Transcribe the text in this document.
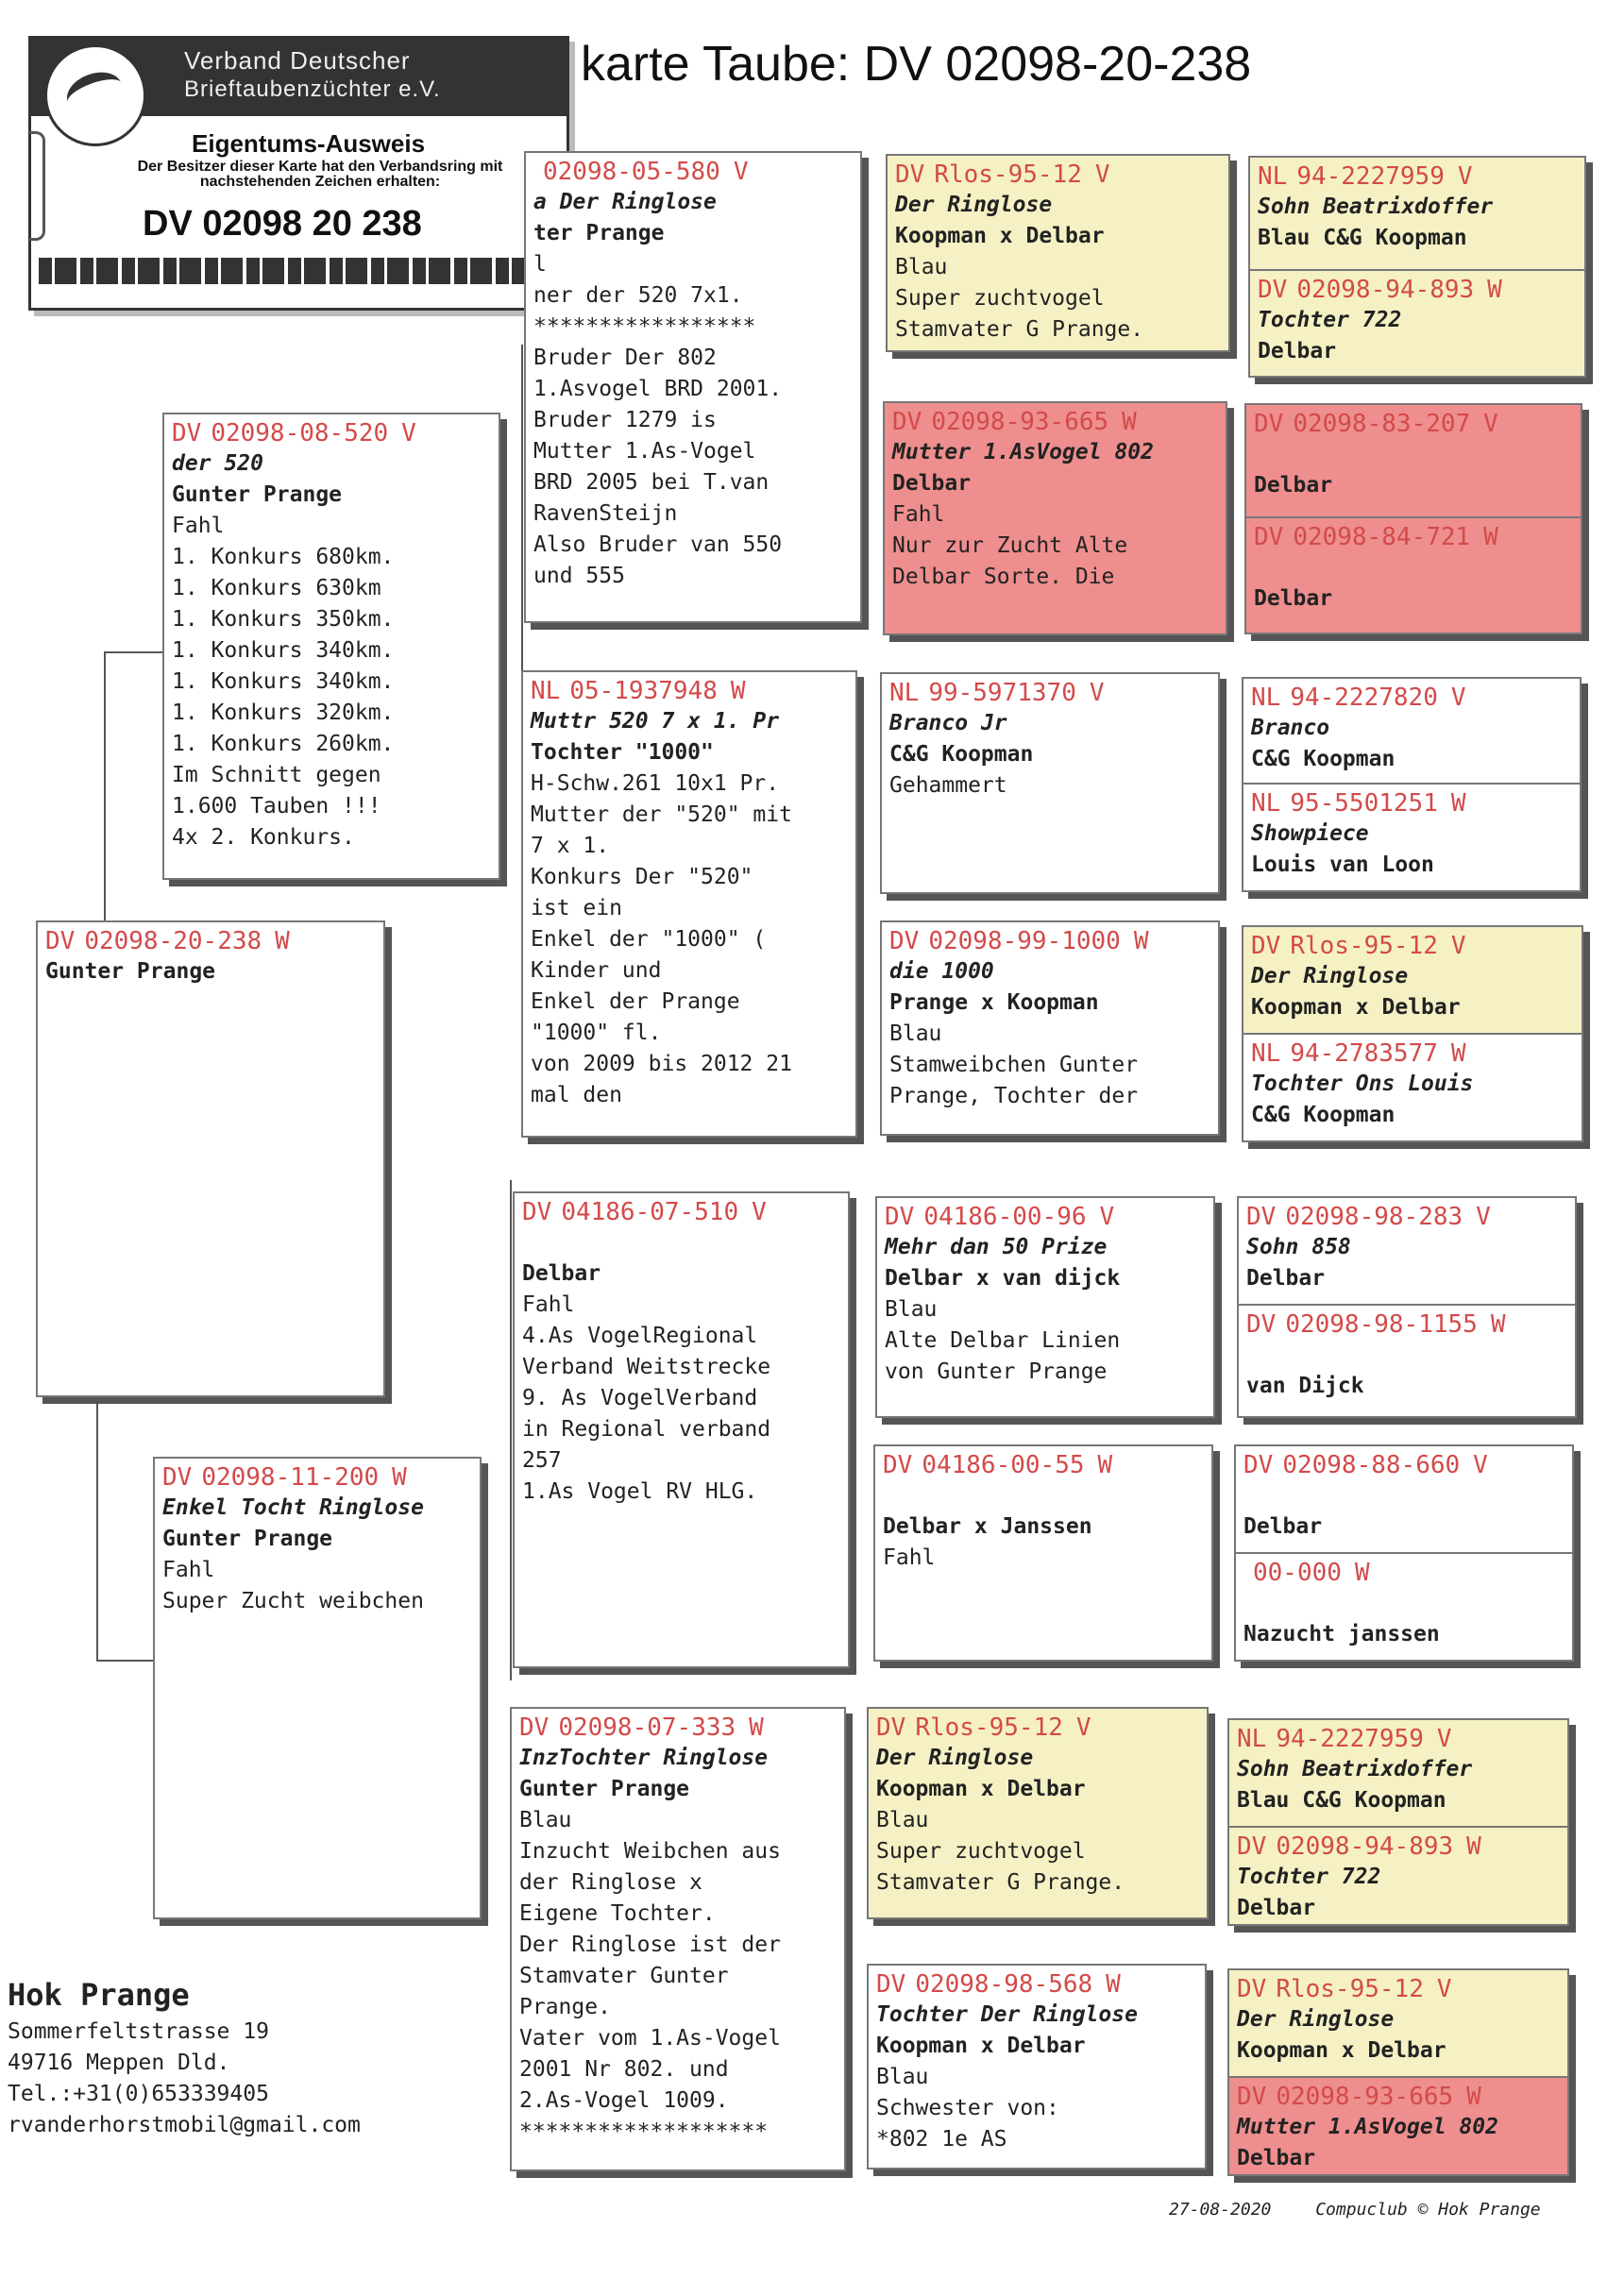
karte Taube: DV 02098-20-238
Verband Deutscher
Brieftaubenzüchter e.V.
Eigentums-Ausweis
Der Besitzer dieser Karte hat den Verbandsring mit nachstehenden Zeichen erhalten:
DV 02098 20 238
DV 02098-20-238 W
Gunter Prange
DV 02098-08-520 V
der 520
Gunter Prange
Fahl
1. Konkurs 680km.
1. Konkurs 630km
1. Konkurs 350km.
1. Konkurs 340km.
1. Konkurs 340km.
1. Konkurs 320km.
1. Konkurs 260km.
Im Schnitt gegen
1.600 Tauben !!!
4x 2. Konkurs.
DV 02098-11-200 W
Enkel Tocht Ringlose
Gunter Prange
Fahl
Super Zucht weibchen
02098-05-580 V
a Der Ringlose
ter Prange
l
ner der 520 7x1.
*****************
Bruder Der 802
1.Asvogel BRD 2001.
Bruder 1279 is
Mutter 1.As-Vogel
BRD 2005 bei T.van
RavenSteijn
Also Bruder van 550
und 555
NL 05-1937948 W
Muttr 520 7 x 1. Pr
Tochter "1000"
H-Schw.261 10x1 Pr.
Mutter der "520" mit
7 x 1.
Konkurs Der "520"
ist ein
Enkel der "1000" (
Kinder und
Enkel der Prange
"1000" fl.
von 2009 bis 2012 21
mal den
DV 04186-07-510 V

Delbar
Fahl
4.As VogelRegional
Verband Weitstrecke
9. As VogelVerband
in Regional verband
257
1.As Vogel RV HLG.
DV 02098-07-333 W
InzTochter Ringlose
Gunter Prange
Blau
Inzucht Weibchen aus
der Ringlose x
Eigene Tochter.
Der Ringlose ist der
Stamvater Gunter
Prange.
Vater vom 1.As-Vogel
2001 Nr 802. und
2.As-Vogel 1009.
*******************
DV Rlos-95-12 V
Der Ringlose
Koopman x Delbar
Blau
Super zuchtvogel
Stamvater G Prange.
DV 02098-93-665 W
Mutter 1.AsVogel 802
Delbar
Fahl
Nur zur Zucht Alte
Delbar Sorte. Die
NL 99-5971370 V
Branco Jr
C&G Koopman
Gehammert
DV 02098-99-1000 W
die 1000
Prange x Koopman
Blau
Stamweibchen Gunter
Prange, Tochter der
DV 04186-00-96 V
Mehr dan 50 Prize
Delbar x van dijck
Blau
Alte Delbar Linien
von Gunter Prange
DV 04186-00-55 W

Delbar x Janssen
Fahl
DV Rlos-95-12 V
Der Ringlose
Koopman x Delbar
Blau
Super zuchtvogel
Stamvater G Prange.
DV 02098-98-568 W
Tochter Der Ringlose
Koopman x Delbar
Blau
Schwester von:
*802 1e AS
NL 94-2227959 V
Sohn Beatrixdoffer
Blau C&G Koopman
DV 02098-94-893 W
Tochter 722
Delbar
DV 02098-83-207 V

Delbar
DV 02098-84-721 W

Delbar
NL 94-2227820 V
Branco
C&G Koopman
NL 95-5501251 W
Showpiece
Louis van Loon
DV Rlos-95-12 V
Der Ringlose
Koopman x Delbar
NL 94-2783577 W
Tochter Ons Louis
C&G Koopman
DV 02098-98-283 V
Sohn 858
Delbar
DV 02098-98-1155 W

van Dijck
DV 02098-88-660 V

Delbar
00-000 W

Nazucht janssen
NL 94-2227959 V
Sohn Beatrixdoffer
Blau C&G Koopman
DV 02098-94-893 W
Tochter 722
Delbar
DV Rlos-95-12 V
Der Ringlose
Koopman x Delbar
DV 02098-93-665 W
Mutter 1.AsVogel 802
Delbar
Hok Prange
Sommerfeltstrasse 19
49716 Meppen Dld.
Tel.:+31(0)653339405
rvanderhorstmobil@gmail.com
27-08-2020	Compuclub © Hok Prange
